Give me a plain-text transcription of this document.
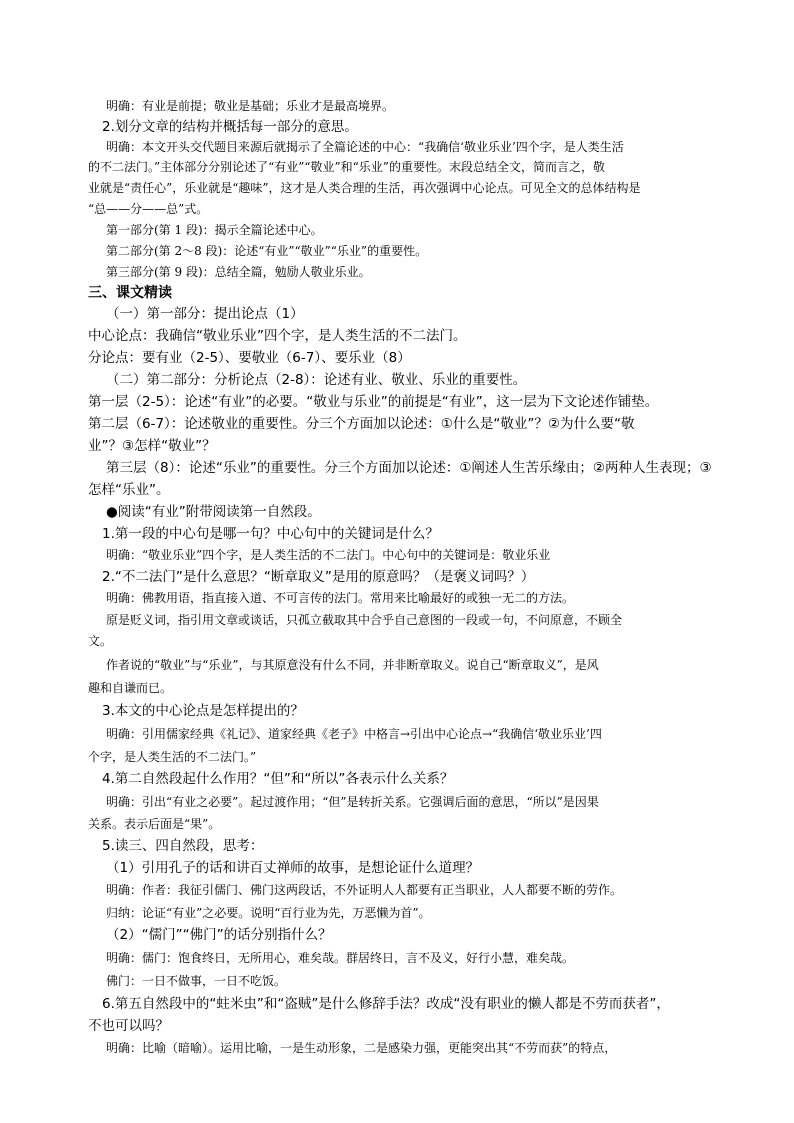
明确：有业是前提；敬业是基础；乐业才是最高境界。
2.划分文章的结构并概括每一部分的意思。
明确：本文开头交代题目来源后就揭示了全篇论述的中心：“我确信‘敬业乐业’四个字，是人类生活
的不二法门。”主体部分分别论述了“有业”“敬业”和“乐业”的重要性。末段总结全文，简而言之，敬
业就是“责任心”，乐业就是“趣味”，这才是人类合理的生活，再次强调中心论点。可见全文的总体结构是
“总——分——总”式。
第一部分(第 1 段)：揭示全篇论述中心。
第二部分(第 2～8 段)：论述“有业”“敬业”“乐业”的重要性。
第三部分(第 9 段)：总结全篇，勉励人敬业乐业。
三、课文精读
（一）第一部分：提出论点（1）
中心论点：我确信“敬业乐业”四个字，是人类生活的不二法门。
分论点：要有业（2-5）、要敬业（6-7）、要乐业（8）
（二）第二部分：分析论点（2-8）：论述有业、敬业、乐业的重要性。
第一层（2-5）：论述“有业”的必要。“敬业与乐业”的前提是“有业”，这一层为下文论述作铺垫。
第二层（6-7）：论述敬业的重要性。分三个方面加以论述：①什么是“敬业”？②为什么要“敬
业”？③怎样“敬业”？
第三层（8）：论述“乐业”的重要性。分三个方面加以论述：①阐述人生苦乐缘由；②两种人生表现；③
怎样“乐业”。
●阅读“有业”附带阅读第一自然段。
1.第一段的中心句是哪一句？中心句中的关键词是什么？
明确：“敬业乐业”四个字，是人类生活的不二法门。中心句中的关键词是：敬业乐业
2.“不二法门”是什么意思？“断章取义”是用的原意吗？（是褒义词吗？）
明确：佛教用语，指直接入道、不可言传的法门。常用来比喻最好的或独一无二的方法。
原是贬义词，指引用文章或谈话，只孤立截取其中合乎自己意图的一段或一句，不问原意，不顾全
文。
作者说的“敬业”与“乐业”，与其原意没有什么不同，并非断章取义。说自己“断章取义”，是风
趣和自谦而已。
3.本文的中心论点是怎样提出的？
明确：引用儒家经典《礼记》、道家经典《老子》中格言→引出中心论点→“我确信‘敬业乐业’四
个字，是人类生活的不二法门。”
4.第二自然段起什么作用？“但”和“所以”各表示什么关系？
明确：引出“有业之必要”。起过渡作用；“但”是转折关系。它强调后面的意思，“所以”是因果
关系。表示后面是“果”。
5.读三、四自然段，思考：
（1）引用孔子的话和讲百丈禅师的故事，是想论证什么道理？
明确：作者：我征引儒门、佛门这两段话，不外证明人人都要有正当职业，人人都要不断的劳作。
归纳：论证“有业”之必要。说明“百行业为先，万恶懒为首”。
（2）“儒门”“佛门”的话分别指什么？
明确：儒门：饱食终日，无所用心，难矣哉。群居终日，言不及义，好行小慧，难矣哉。
佛门：一日不做事，一日不吃饭。
6.第五自然段中的“蛀米虫”和“盗贼”是什么修辞手法？改成“没有职业的懒人都是不劳而获者”，
不也可以吗？
明确：比喻（暗喻）。运用比喻，一是生动形象，二是感染力强，更能突出其“不劳而获”的特点，
